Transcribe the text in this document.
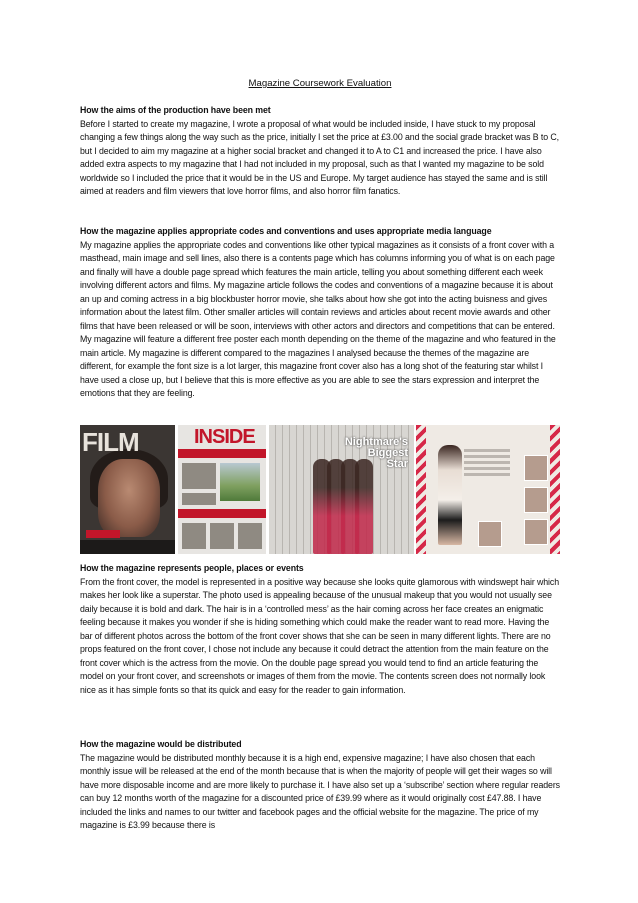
Magazine Coursework Evaluation
How the aims of the production have been met

Before I started to create my magazine, I wrote a proposal of what would be included inside, I have stuck to my proposal changing a few things along the way such as the price, initially I set the price at £3.00 and the social grade bracket was B to C, but I decided to aim my magazine at a higher social bracket and changed it to A to C1 and increased the price. I have also added extra aspects to my magazine that I had not included in my proposal, such as that I wanted my magazine to be sold worldwide so I included the price that it would be in the US and Europe. My target audience has stayed the same and is still aimed at readers and film viewers that love horror films, and also horror film fanatics.

How the magazine applies appropriate codes and conventions and uses appropriate media language

My magazine applies the appropriate codes and conventions like other typical magazines as it consists of a front cover with a masthead, main image and sell lines, also there is a contents page which has columns informing you of what is on each page and finally will have a double page spread which features the main article, telling you about something different each week involving different actors and films. My magazine article follows the codes and conventions of a magazine because it is about an up and coming actress in a big blockbuster horror movie, she talks about how she got into the acting buisness and gives information about the latest film. Other smaller articles will contain reviews and articles about recent movie awards and other films that have been released or will be soon, interviews with other actors and directors and competitions that can be entered. My magazine will feature a different free poster each month depending on the theme of the magazine and who featured in the main article. My magazine is different compared to the magazines I analysed because the themes of the magazine are different, for example the font size is a lot larger, this magazine front cover also has a long shot of the featuring star whilst I have used a close up, but I believe that this is more effective as you are able to see the stars expression and interpret the emotions that they are feeling.

FILM	INSIDE	Nightmare's Biggest Star
How the magazine represents people, places or events

From the front cover, the model is represented in a positive way because she looks quite glamorous with windswept hair which makes her look like a superstar. The photo used is appealing because of the unusual makeup that you would not usually see daily because it is bold and dark. The hair is in a ‘controlled mess’ as the hair coming across her face creates an enigmatic feeling because it makes you wonder if she is hiding something which could make the reader want to read more. Having the bar of different photos across the bottom of the front cover shows that she can be seen in many different lights. There are no props featured on the front cover, I chose not include any because it could detract the attention from the main feature on the front cover which is the actress from the movie. On the double page spread you would tend to find an article featuring the model on your front cover, and screenshots or images of them from the movie. The contents screen does not normally look nice as it has simple fonts so that its quick and easy for the reader to gain information.

How the magazine would be distributed

The magazine would be distributed monthly because it is a high end, expensive magazine; I have also chosen that each monthly issue will be released at the end of the month because that is when the majority of people will get their wages so will have more disposable income and are more likely to purchase it. I have also set up a ‘subscribe’ section where regular readers can buy 12 months worth of the magazine for a discounted price of £39.99 where as it would originally cost £47.88. I have included the links and names to our twitter and facebook pages and the official website for the magazine. The price of my magazine is £3.99 because there is
